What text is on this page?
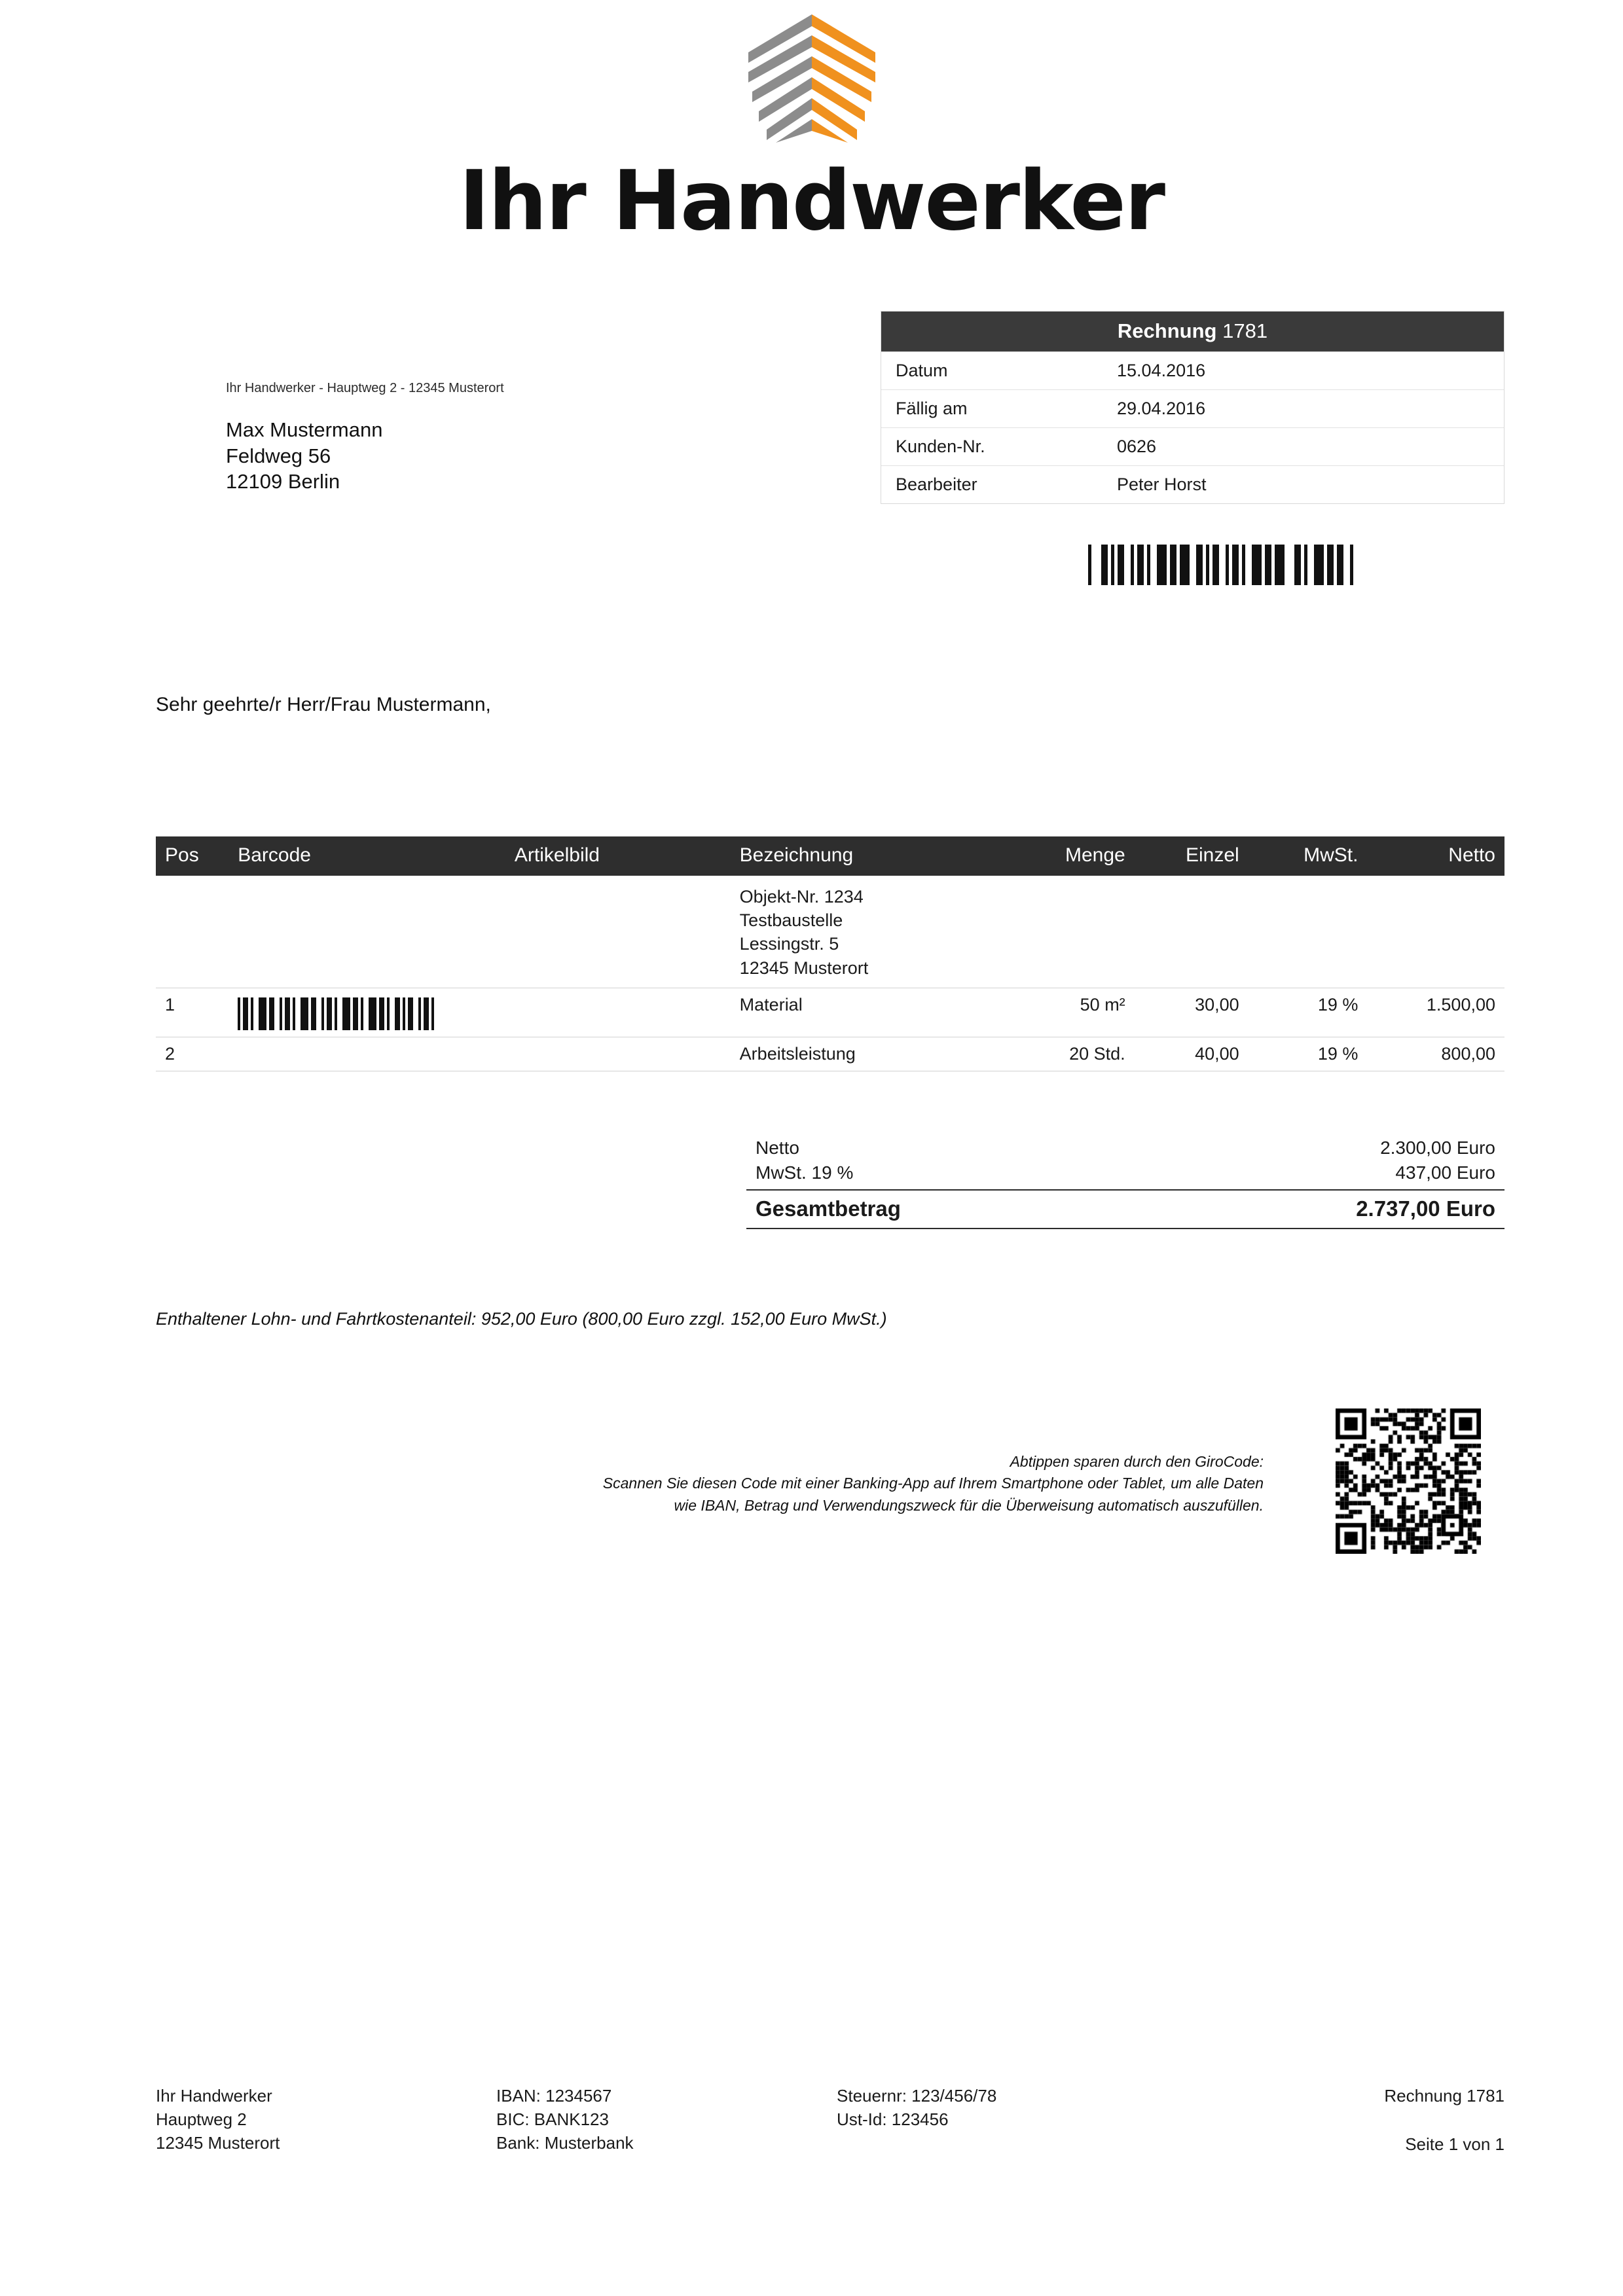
Ihr Handwerker
Rechnung 1781
Datum	15.04.2016
Fällig am	29.04.2016
Kunden-Nr.	0626
Bearbeiter	Peter Horst
Ihr Handwerker - Hauptweg 2 - 12345 Musterort
Max Mustermann
Feldweg 56
12109 Berlin
Sehr geehrte/r Herr/Frau Mustermann,
Pos	Barcode	Artikelbild	Bezeichnung	Menge	Einzel	MwSt.	Netto

			Objekt-Nr. 1234
Testbaustelle
Lessingstr. 5
12345 Musterort				

1			Material	50 m²	30,00	19 %	1.500,00
2			Arbeitsleistung	20 Std.	40,00	19 %	800,00
Netto	2.300,00 Euro
MwSt. 19 %	437,00 Euro
Gesamtbetrag	2.737,00 Euro
Enthaltener Lohn- und Fahrtkostenanteil: 952,00 Euro (800,00 Euro zzgl. 152,00 Euro MwSt.)
Abtippen sparen durch den GiroCode:
Scannen Sie diesen Code mit einer Banking-App auf Ihrem Smartphone oder Tablet, um alle Daten
wie IBAN, Betrag und Verwendungszweck für die Überweisung automatisch auszufüllen.
Ihr Handwerker
Hauptweg 2
12345 Musterort
IBAN: 1234567
BIC: BANK123
Bank: Musterbank
Steuernr: 123/456/78
Ust-Id: 123456
Rechnung 1781
Seite 1 von 1
